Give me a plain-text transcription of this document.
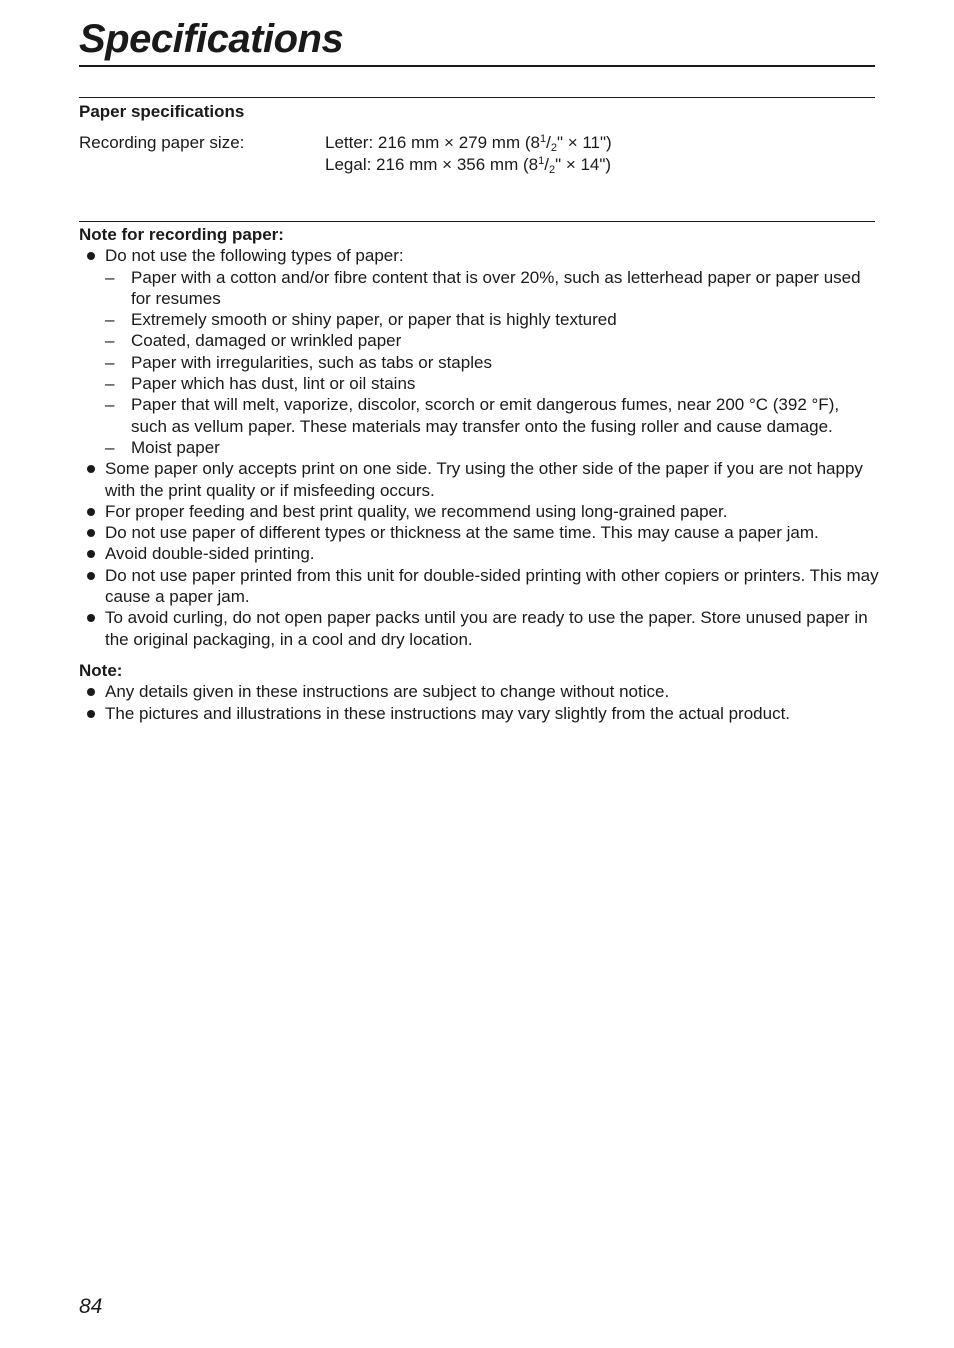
Specifications
Paper specifications
Recording paper size:	Letter: 216 mm × 279 mm ($8^1/_2$" × 11")
Legal: 216 mm × 356 mm ($8^1/_2$" × 14")
Note for recording paper:
Do not use the following types of paper:
– Paper with a cotton and/or fibre content that is over 20%, such as letterhead paper or paper used for resumes
– Extremely smooth or shiny paper, or paper that is highly textured
– Coated, damaged or wrinkled paper
– Paper with irregularities, such as tabs or staples
– Paper which has dust, lint or oil stains
– Paper that will melt, vaporize, discolor, scorch or emit dangerous fumes, near 200 °C (392 °F), such as vellum paper. These materials may transfer onto the fusing roller and cause damage.
– Moist paper
Some paper only accepts print on one side. Try using the other side of the paper if you are not happy with the print quality or if misfeeding occurs.
For proper feeding and best print quality, we recommend using long-grained paper.
Do not use paper of different types or thickness at the same time. This may cause a paper jam.
Avoid double-sided printing.
Do not use paper printed from this unit for double-sided printing with other copiers or printers. This may cause a paper jam.
To avoid curling, do not open paper packs until you are ready to use the paper. Store unused paper in the original packaging, in a cool and dry location.
Note:
Any details given in these instructions are subject to change without notice.
The pictures and illustrations in these instructions may vary slightly from the actual product.
84
